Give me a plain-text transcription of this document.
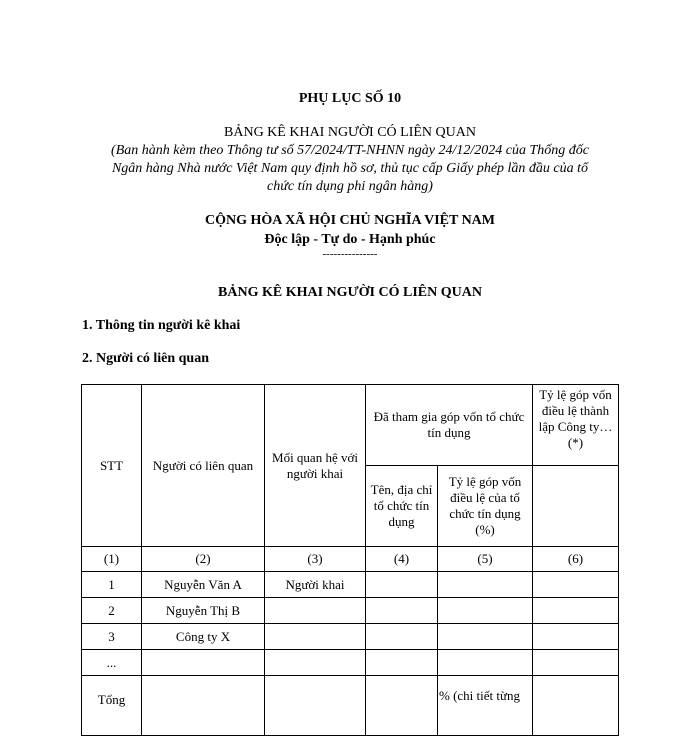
PHỤ LỤC SỐ 10
BẢNG KÊ KHAI NGƯỜI CÓ LIÊN QUAN
(Ban hành kèm theo Thông tư số 57/2024/TT-NHNN ngày 24/12/2024 của Thống đốc
Ngân hàng Nhà nước Việt Nam quy định hồ sơ, thủ tục cấp Giấy phép lần đầu của tổ
chức tín dụng phi ngân hàng)
CỘNG HÒA XÃ HỘI CHỦ NGHĨA VIỆT NAM
Độc lập - Tự do - Hạnh phúc
---------------
BẢNG KÊ KHAI NGƯỜI CÓ LIÊN QUAN
1. Thông tin người kê khai
2. Người có liên quan
STT	Người có liên quan	Mối quan hệ với người khai	Đã tham gia góp vốn tổ chức tín dụng		Tỷ lệ góp vốn điều lệ thành lập Công ty…(*)
			Tên, địa chỉ tổ chức tín dụng	Tỷ lệ góp vốn điều lệ của tổ chức tín dụng (%)	
(1)	(2)	(3)	(4)	(5)	(6)
1	Nguyễn Văn A	Người khai			
2	Nguyễn Thị B				
3	Công ty X				
...					
Tổng				% (chi tiết từng	
